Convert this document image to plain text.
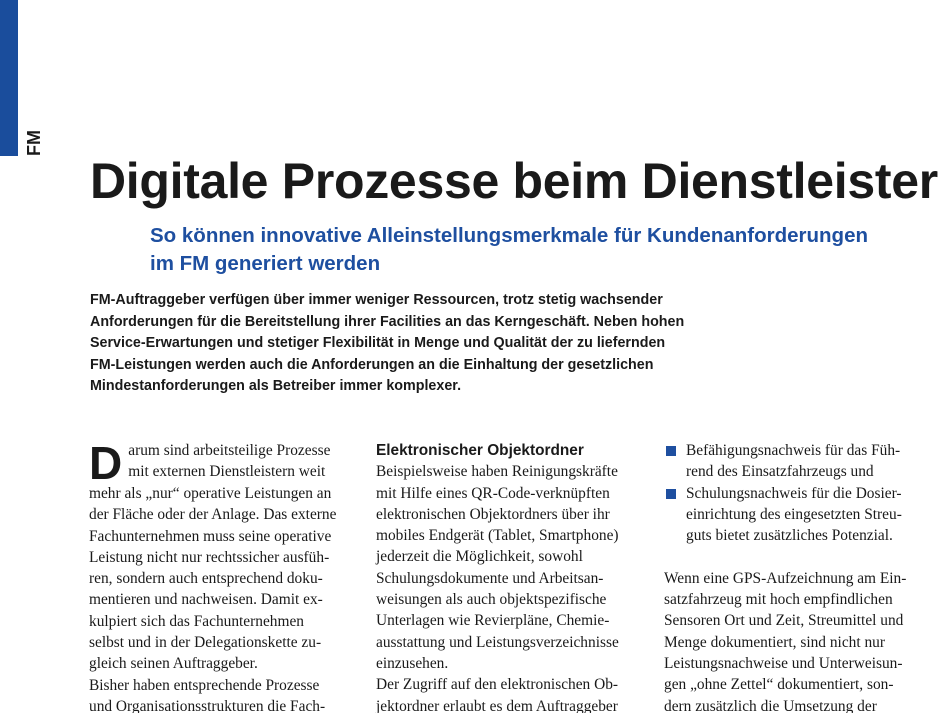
FM
Digitale Prozesse beim Dienstleister
So können innovative Alleinstellungsmerkmale für Kundenanforderungen
im FM generiert werden
FM-Auftraggeber verfügen über immer weniger Ressourcen, trotz stetig wachsender
Anforderungen für die Bereitstellung ihrer Facilities an das Kerngeschäft. Neben hohen
Service-Erwartungen und stetiger Flexibilität in Menge und Qualität der zu liefernden
FM-Leistungen werden auch die Anforderungen an die Einhaltung der gesetzlichen
Mindestanforderungen als Betreiber immer komplexer.
D arum sind arbeitsteilige Prozesse
mit externen Dienstleistern weit
mehr als „nur“ operative Leistungen an
der Fläche oder der Anlage. Das externe
Fachunternehmen muss seine operative
Leistung nicht nur rechtssicher ausfüh-
ren, sondern auch entsprechend doku-
mentieren und nachweisen. Damit ex-
kulpiert sich das Fachunternehmen
selbst und in der Delegationskette zu-
gleich seinen Auftraggeber.
Bisher haben entsprechende Prozesse
und Organisationsstrukturen die Fach-
Elektronischer Objektordner
Beispielsweise haben Reinigungskräfte
mit Hilfe eines QR-Code-verknüpften
elektronischen Objektordners über ihr
mobiles Endgerät (Tablet, Smartphone)
jederzeit die Möglichkeit, sowohl
Schulungsdokumente und Arbeitsan-
weisungen als auch objektspezifische
Unterlagen wie Revierpläne, Chemie-
ausstattung und Leistungsverzeichnisse
einzusehen.
Der Zugriff auf den elektronischen Ob-
jektordner erlaubt es dem Auftraggeber
Befähigungsnachweis für das Füh-
rend des Einsatzfahrzeugs und
Schulungsnachweis für die Dosier-
einrichtung des eingesetzten Streu-
guts bietet zusätzliches Potenzial.
Wenn eine GPS-Aufzeichnung am Ein-
satzfahrzeug mit hoch empfindlichen
Sensoren Ort und Zeit, Streumittel und
Menge dokumentiert, sind nicht nur
Leistungsnachweise und Unterweisun-
gen „ohne Zettel“ dokumentiert, son-
dern zusätzlich die Umsetzung der
